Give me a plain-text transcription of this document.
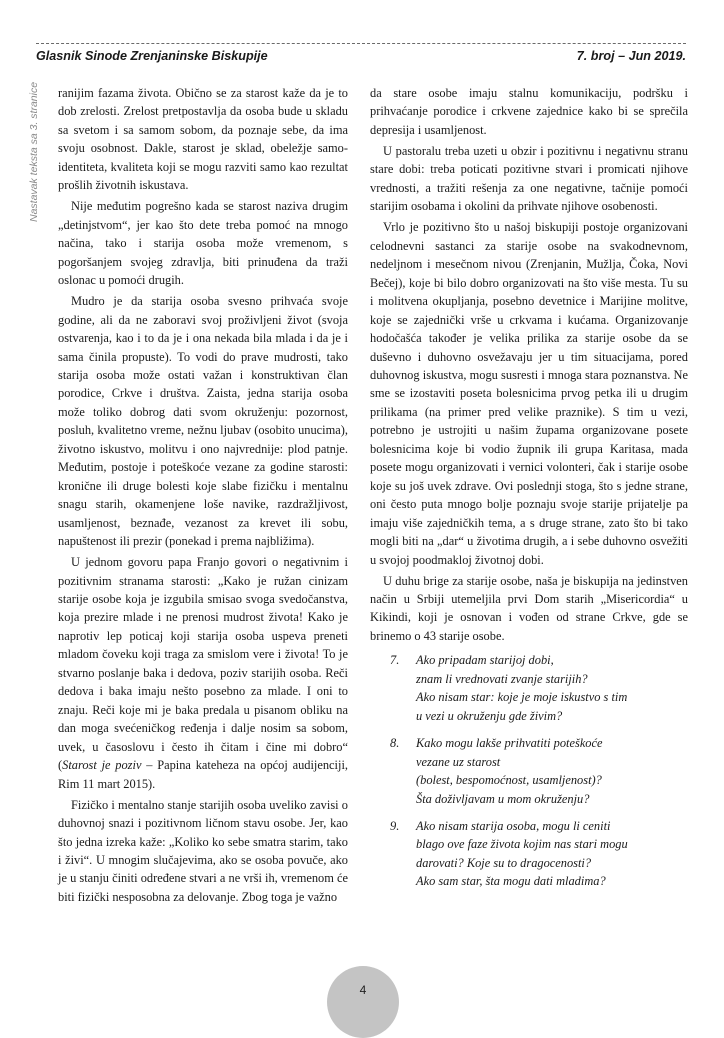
Glasnik Sinode Zrenjaninske Biskupije	7. broj – Jun 2019.
Nastavak teksta sa 3. stranice ranijim fazama života. Obično se za starost kaže da je to dob zrelosti. Zrelost pretpostavlja da osoba bude u skladu sa svetom i sa samom sobom, da poznaje sebe, da ima svoju osobnost. Dakle, starost je sklad, obeležje samo-identiteta, kvaliteta koji se mogu razviti samo kao rezultat prošlih životnih iskustava.

Nije međutim pogrešno kada se starost naziva drugim „detinjstvom“, jer kao što dete treba pomoć na mnogo načina, tako i starija osoba može vremenom, s pogoršanjem svojeg zdravlja, biti prinuđena da traži oslonac u pomoći drugih.

Mudro je da starija osoba svesno prihvaća svoje godine, ali da ne zaboravi svoj proživljeni život (svoja ostvarenja, kao i to da je i ona nekada bila mlada i da je i sama činila propuste). To vodi do prave mudrosti, tako starija osoba može ostati važan i konstruktivan član porodice, Crkve i društva. Zaista, jedna starija osoba može toliko dobrog dati svom okruženju: pozornost, posluh, kvalitetno vreme, nežnu ljubav (osobito unucima), životno iskustvo, molitvu i ono najvrednije: plod patnje. Međutim, postoje i poteškoće vezane za godine starosti: kronične ili druge bolesti koje slabe fizičku i mentalnu snagu starih, okamenjene loše navike, razdražljivost, usamljenost, beznađe, vezanost za krevet ili sobu, napuštenost ili prezir (ponekad i prema najbližima).

U jednom govoru papa Franjo govori o negativnim i pozitivnim stranama starosti: „Kako je ružan cinizam starije osobe koja je izgubila smisao svoga svedočanstva, koja prezire mlade i ne prenosi mudrost života! Kako je naprotiv lep poticaj koji starija osoba uspeva preneti mladom čoveku koji traga za smislom vere i života! To je stvarno poslanje baka i dedova, poziv starijih osoba. Reči dedova i baka imaju nešto posebno za mlade. I oni to znaju. Reči koje mi je baka predala u pisanom obliku na dan moga svećeničkog ređenja i dalje nosim sa sobom, uvek, u časoslovu i često ih čitam i čine mi dobro“ (Starost je poziv – Papina kateheza na općoj audijenciji, Rim 11 mart 2015).

Fizičko i mentalno stanje starijih osoba uveliko zavisi o duhovnoj snazi i pozitivnom ličnom stavu osobe. Jer, kao što jedna izreka kaže: „Koliko ko sebe smatra starim, tako i živi“. U mnogim slučajevima, ako se osoba povuče, ako je u stanju činiti određene stvari a ne vrši ih, vremenom će biti fizički nesposobna za delovanje. Zbog toga je važno

da stare osobe imaju stalnu komunikaciju, podršku i prihvaćanje porodice i crkvene zajednice kako bi se sprečila depresija i usamljenost.

U pastoralu treba uzeti u obzir i pozitivnu i negativnu stranu stare dobi: treba poticati pozitivne stvari i promicati njihove vrednosti, a tražiti rešenja za one negativne, tačnije pomoći starijim osobama i okolini da prihvate njihove osobenosti.

Vrlo je pozitivno što u našoj biskupiji postoje organizovani celodnevni sastanci za starije osobe na svakodnevnom, nedeljnom i mesečnom nivou (Zrenjanin, Mužlja, Čoka, Novi Bečej), koje bi bilo dobro organizovati na što više mesta. Tu su i molitvena okupljanja, posebno devetnice i Marijine molitve, koje se zajednički vrše u crkvama i kućama. Organizovanje hodočašća također je velika prilika za starije osobe da se duševno i duhovno osvežavaju jer u tim situacijama, pored duhovnog iskustva, mogu susresti i mnoga stara poznanstva. Ne sme se izostaviti poseta bolesnicima prvog petka ili u drugim prilikama (na primer pred velike praznike). S tim u vezi, potrebno je ustrojiti u našim župama organizovane posete bolesnicima koje bi vodio župnik ili grupa Karitasa, mada posete mogu organizovati i vernici volonteri, čak i starije osobe koje su još uvek zdrave. Ovi poslednji stoga, što s jedne strane, oni često puta mnogo bolje poznaju svoje starije prijatelje pa imaju više zajedničkih tema, a s druge strane, zato što bi tako mogli biti na „dar“ u životima drugih, a i sebe duhovno osvežiti u svojoj poodmakloj životnoj dobi.

U duhu brige za starije osobe, naša je biskupija na jedinstven način u Srbiji utemeljila prvi Dom starih „Misericordia“ u Kikindi, koji je osnovan i vođen od strane Crkve, gde se brinemo o 43 starije osobe.

7.	Ako pripadam starijoj dobi,
znam li vrednovati zvanje starijih?
Ako nisam star: koje je moje iskustvo s tim
u vezi u okruženju gde živim?
8.	Kako mogu lakše prihvatiti poteškoće
vezane uz starost
(bolest, bespomoćnost, usamljenost)?
Šta doživljavam u mom okruženju?
9.	Ako nisam starija osoba, mogu li ceniti
blago ove faze života kojim nas stari mogu
darovati? Koje su to dragocenosti?
Ako sam star, šta mogu dati mladima?
4
